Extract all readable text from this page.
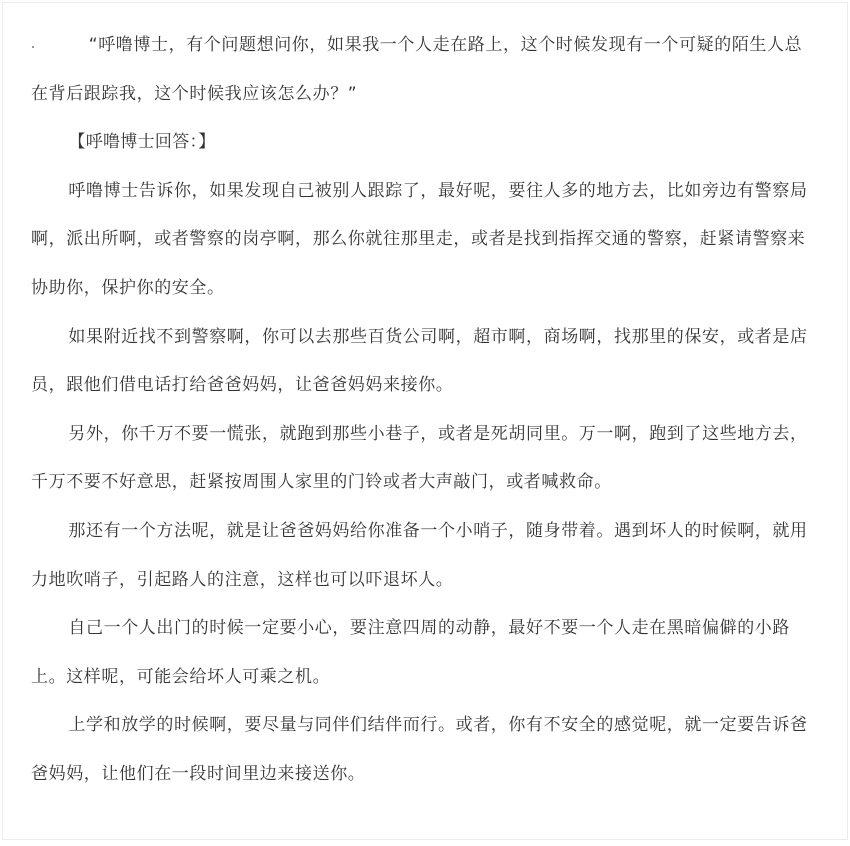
“呼噜博士，有个问题想问你，如果我一个人走在路上，这个时候发现有一个可疑的陌生人总在背后跟踪我，这个时候我应该怎么办？”

【呼噜博士回答：】

呼噜博士告诉你，如果发现自己被别人跟踪了，最好呢，要往人多的地方去，比如旁边有警察局啊，派出所啊，或者警察的岗亭啊，那么你就往那里走，或者是找到指挥交通的警察，赶紧请警察来协助你，保护你的安全。

如果附近找不到警察啊，你可以去那些百货公司啊，超市啊，商场啊，找那里的保安，或者是店员，跟他们借电话打给爸爸妈妈，让爸爸妈妈来接你。

另外，你千万不要一慌张，就跑到那些小巷子，或者是死胡同里。万一啊，跑到了这些地方去，千万不要不好意思，赶紧按周围人家里的门铃或者大声敲门，或者喊救命。

那还有一个方法呢，就是让爸爸妈妈给你准备一个小哨子，随身带着。遇到坏人的时候啊，就用力地吹哨子，引起路人的注意，这样也可以吓退坏人。

自己一个人出门的时候一定要小心，要注意四周的动静，最好不要一个人走在黑暗偏僻的小路上。这样呢，可能会给坏人可乘之机。

上学和放学的时候啊，要尽量与同伴们结伴而行。或者，你有不安全的感觉呢，就一定要告诉爸爸妈妈，让他们在一段时间里边来接送你。
